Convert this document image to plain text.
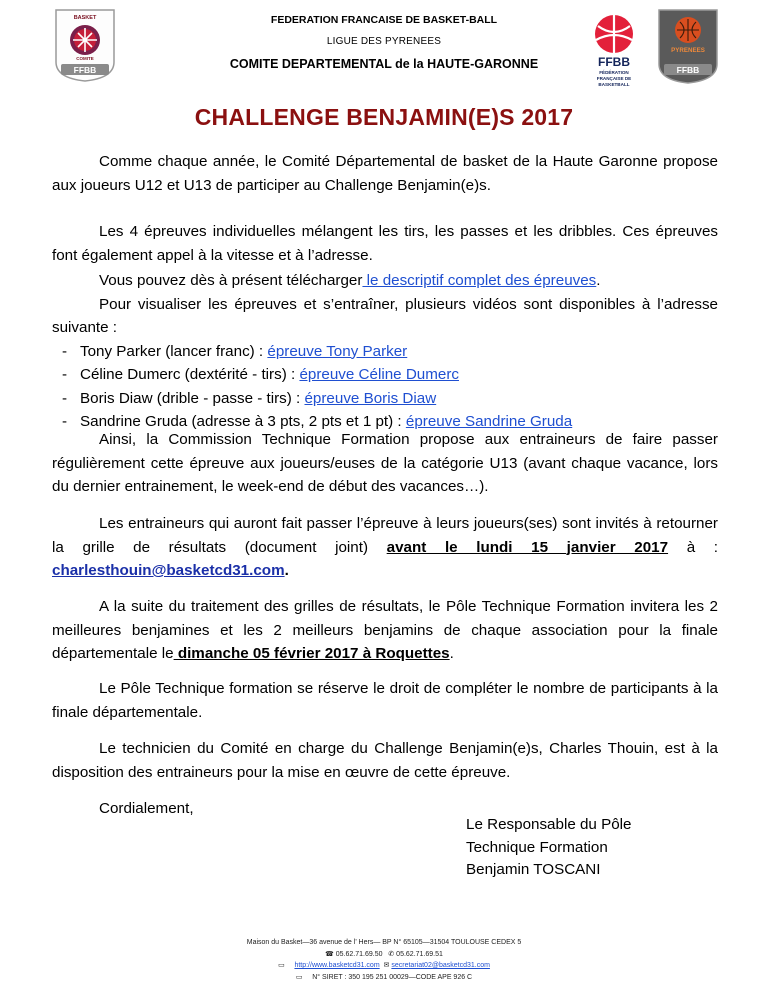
BASKET
COMITE
FFBB
FEDERATION FRANCAISE DE BASKET-BALL
LIGUE DES PYRENEES
COMITE DEPARTEMENTAL de la HAUTE-GARONNE	FFBB
FÉDÉRATION
FRANÇAISE DE
BASKETBALL
PYRENEES
FFBB
CHALLENGE BENJAMIN(E)S 2017
Comme chaque année, le Comité Départemental de basket de la Haute Garonne propose aux joueurs U12 et U13 de participer au Challenge Benjamin(e)s.
Les 4 épreuves individuelles mélangent les tirs, les passes et les dribbles. Ces épreuves font également appel à la vitesse et à l’adresse.
Vous pouvez dès à présent télécharger le descriptif complet des épreuves.
Pour visualiser les épreuves et s’entraîner, plusieurs vidéos sont disponibles à l’adresse suivante :
- Tony Parker (lancer franc) : épreuve Tony Parker
- Céline Dumerc (dextérité - tirs) : épreuve Céline Dumerc
- Boris Diaw (drible - passe - tirs) : épreuve Boris Diaw
- Sandrine Gruda (adresse à 3 pts, 2 pts et 1 pt) : épreuve Sandrine Gruda
Ainsi, la Commission Technique Formation propose aux entraineurs de faire passer régulièrement cette épreuve aux joueurs/euses de la catégorie U13 (avant chaque vacance, lors du dernier entrainement, le week-end de début des vacances…).
Les entraineurs qui auront fait passer l’épreuve à leurs joueurs(ses) sont invités à retourner la grille de résultats (document joint) avant le lundi 15 janvier 2017 à : charlesthouin@basketcd31.com.
A la suite du traitement des grilles de résultats, le Pôle Technique Formation invitera les 2 meilleures benjamines et les 2 meilleurs benjamins de chaque association pour la finale départementale le dimanche 05 février 2017 à Roquettes.
Le Pôle Technique formation se réserve le droit de compléter le nombre de participants à la finale départementale.
Le technicien du Comité en charge du Challenge Benjamin(e)s, Charles Thouin, est à la disposition des entraineurs pour la mise en œuvre de cette épreuve.
Cordialement,
Le Responsable du Pôle
Technique Formation
Benjamin TOSCANI
Maison du Basket—36 avenue de l’ Hers— BP N° 65105—31504 TOULOUSE CEDEX 5
☎ 05.62.71.69.50 ✆ 05.62.71.69.51
▭ http://www.basketcd31.com ✉ secretariat02@basketcd31.com
▭ N° SIRET : 350 195 251 00029—CODE APE 926 C
